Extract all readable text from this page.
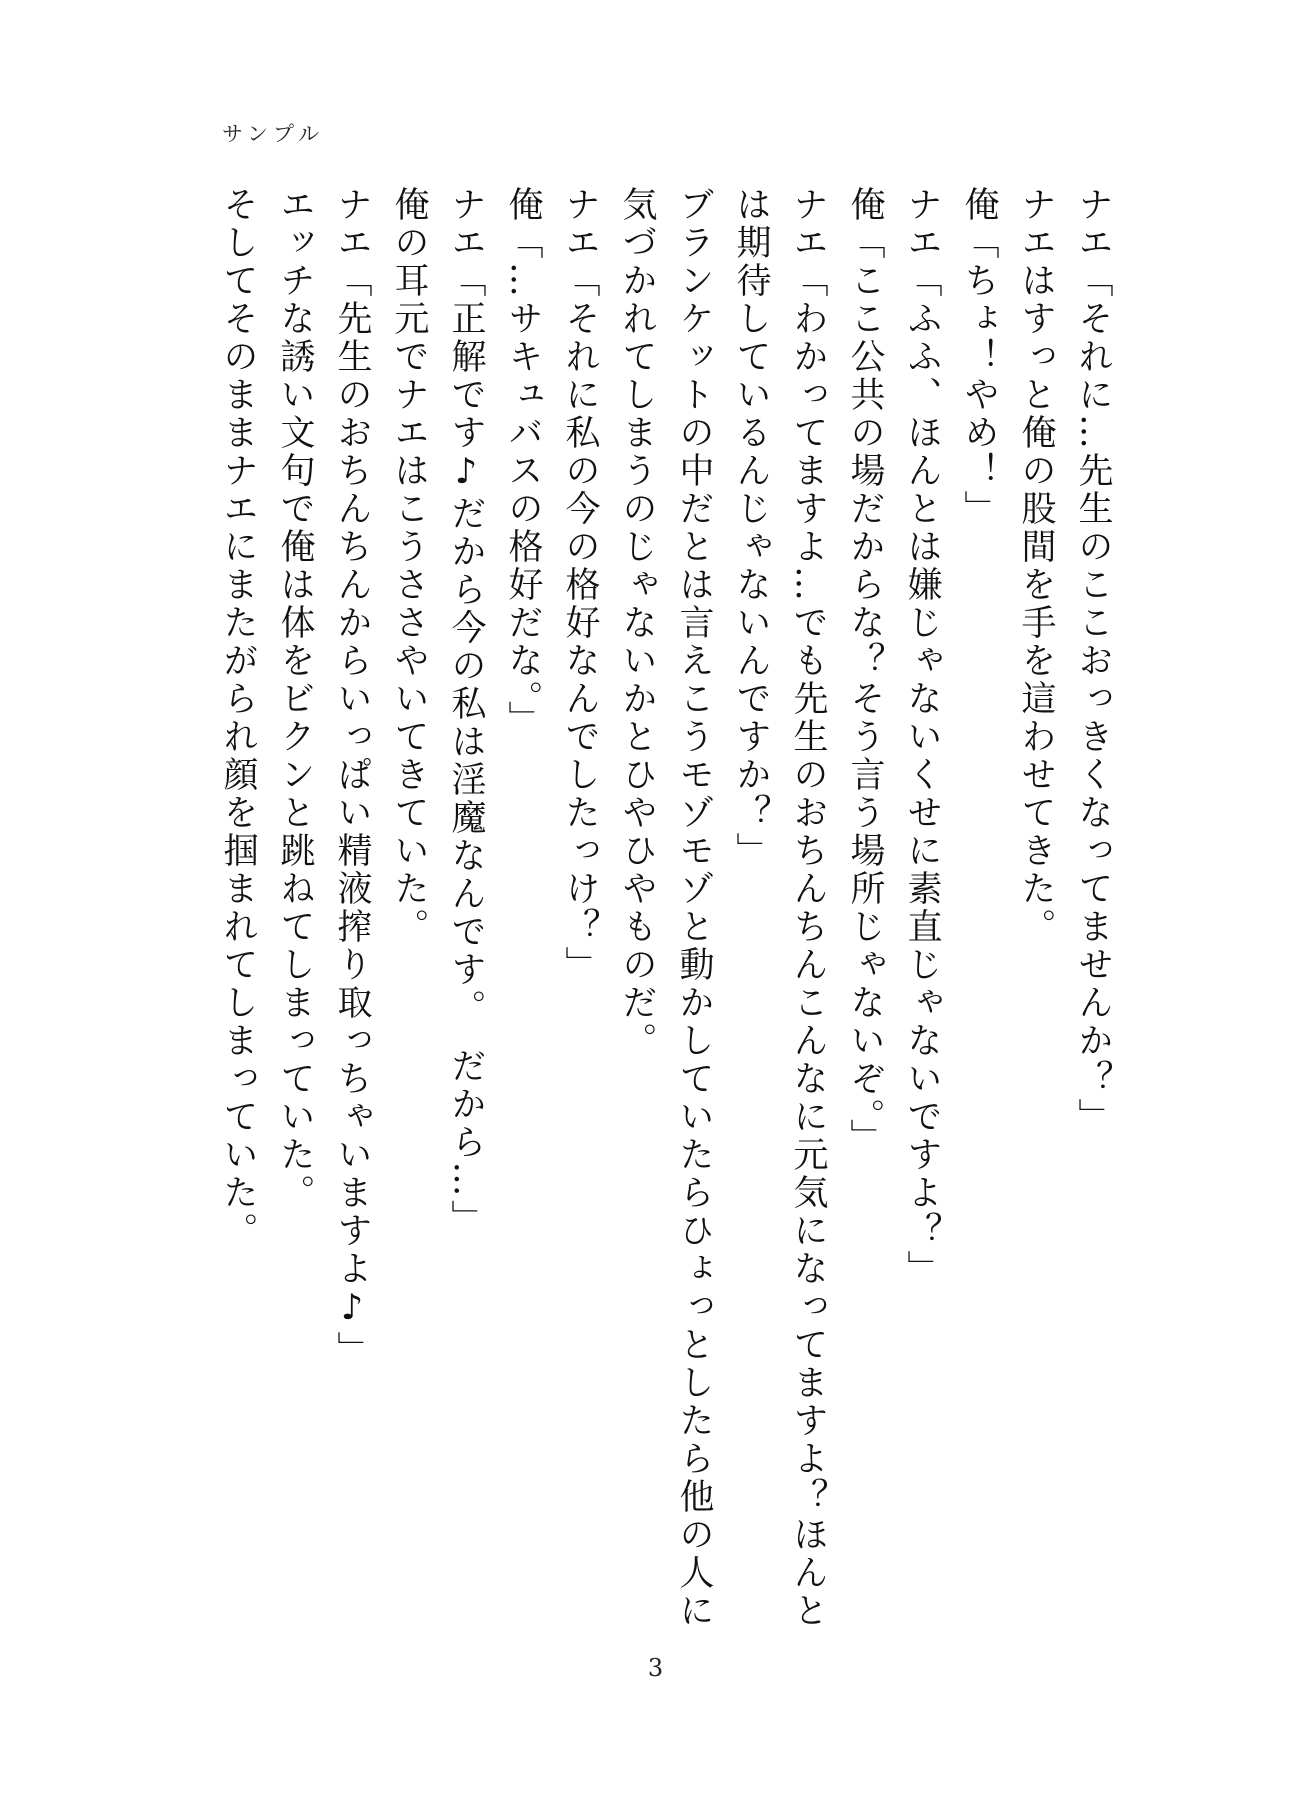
サンプル

ナエ「それに…先生のここおっきくなってませんか？」

ナエはすっと俺の股間を手を這わせてきた。

俺「ちょ！やめ！」

ナエ「ふふ、ほんとは嫌じゃないくせに素直じゃないですよ？」

俺「ここ公共の場だからな？そう言う場所じゃないぞ。」

ナエ「わかってますよ…でも先生のおちんちんこんなに元気になってますよ？ほんとは期待しているんじゃないんですか？」

ブランケットの中だとは言えこうモゾモゾと動かしていたらひょっとしたら他の人に気づかれてしまうのじゃないかとひやひやものだ。

ナエ「それに私の今の格好なんでしたっけ？」

俺「…サキュバスの格好だな。」

ナエ「正解です♪だから今の私は淫魔なんです。　だから…」

俺の耳元でナエはこうささやいてきていた。

ナエ「先生のおちんちんからいっぱい精液搾り取っちゃいますよ♪」

エッチな誘い文句で俺は体をビクンと跳ねてしまっていた。

そしてそのままナエにまたがられ顔を掴まれてしまっていた。

3
